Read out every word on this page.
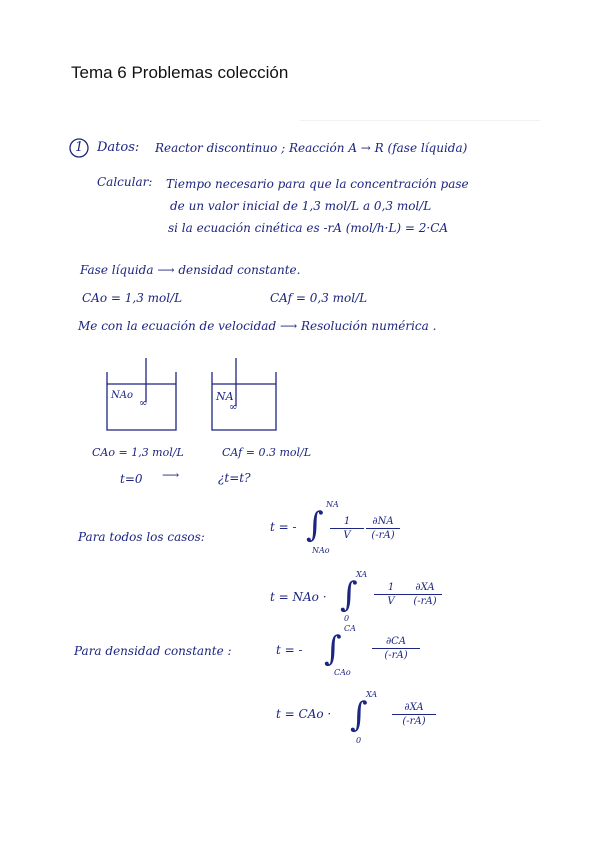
Tema 6 Problemas colección
1 Datos: Reactor discontinuo ; Reacción A → R (fase líquida)
Calcular: Tiempo necesario para que la concentración pase
de un valor inicial de 1,3 mol/L a 0,3 mol/L
si la ecuación cinética es -rA (mol/h·L) = 2·CA
Fase líquida ⟶ densidad constante.
CAo = 1,3 mol/L	CAf = 0,3 mol/L
Me con la ecuación de velocidad ⟶ Resolución numérica .
NAo
∞
NA
∞
CAo = 1,3 mol/L	CAf = 0.3 mol/L
t=0 ⟶	¿t=t?
Para todos los casos:
t = - ∫
NA
NAo
$\frac{1}{V} \frac{\partial NA}{(-rA)}$
t = NAo · ∫
XA
0
$\frac{1}{V} \frac{\partial XA}{(-rA)}$
Para densidad constante :	t = - ∫
CA
CAo
$\frac{\partial CA}{(-rA)}$
t = CAo · ∫
XA
0
$\frac{\partial XA}{(-rA)}$
